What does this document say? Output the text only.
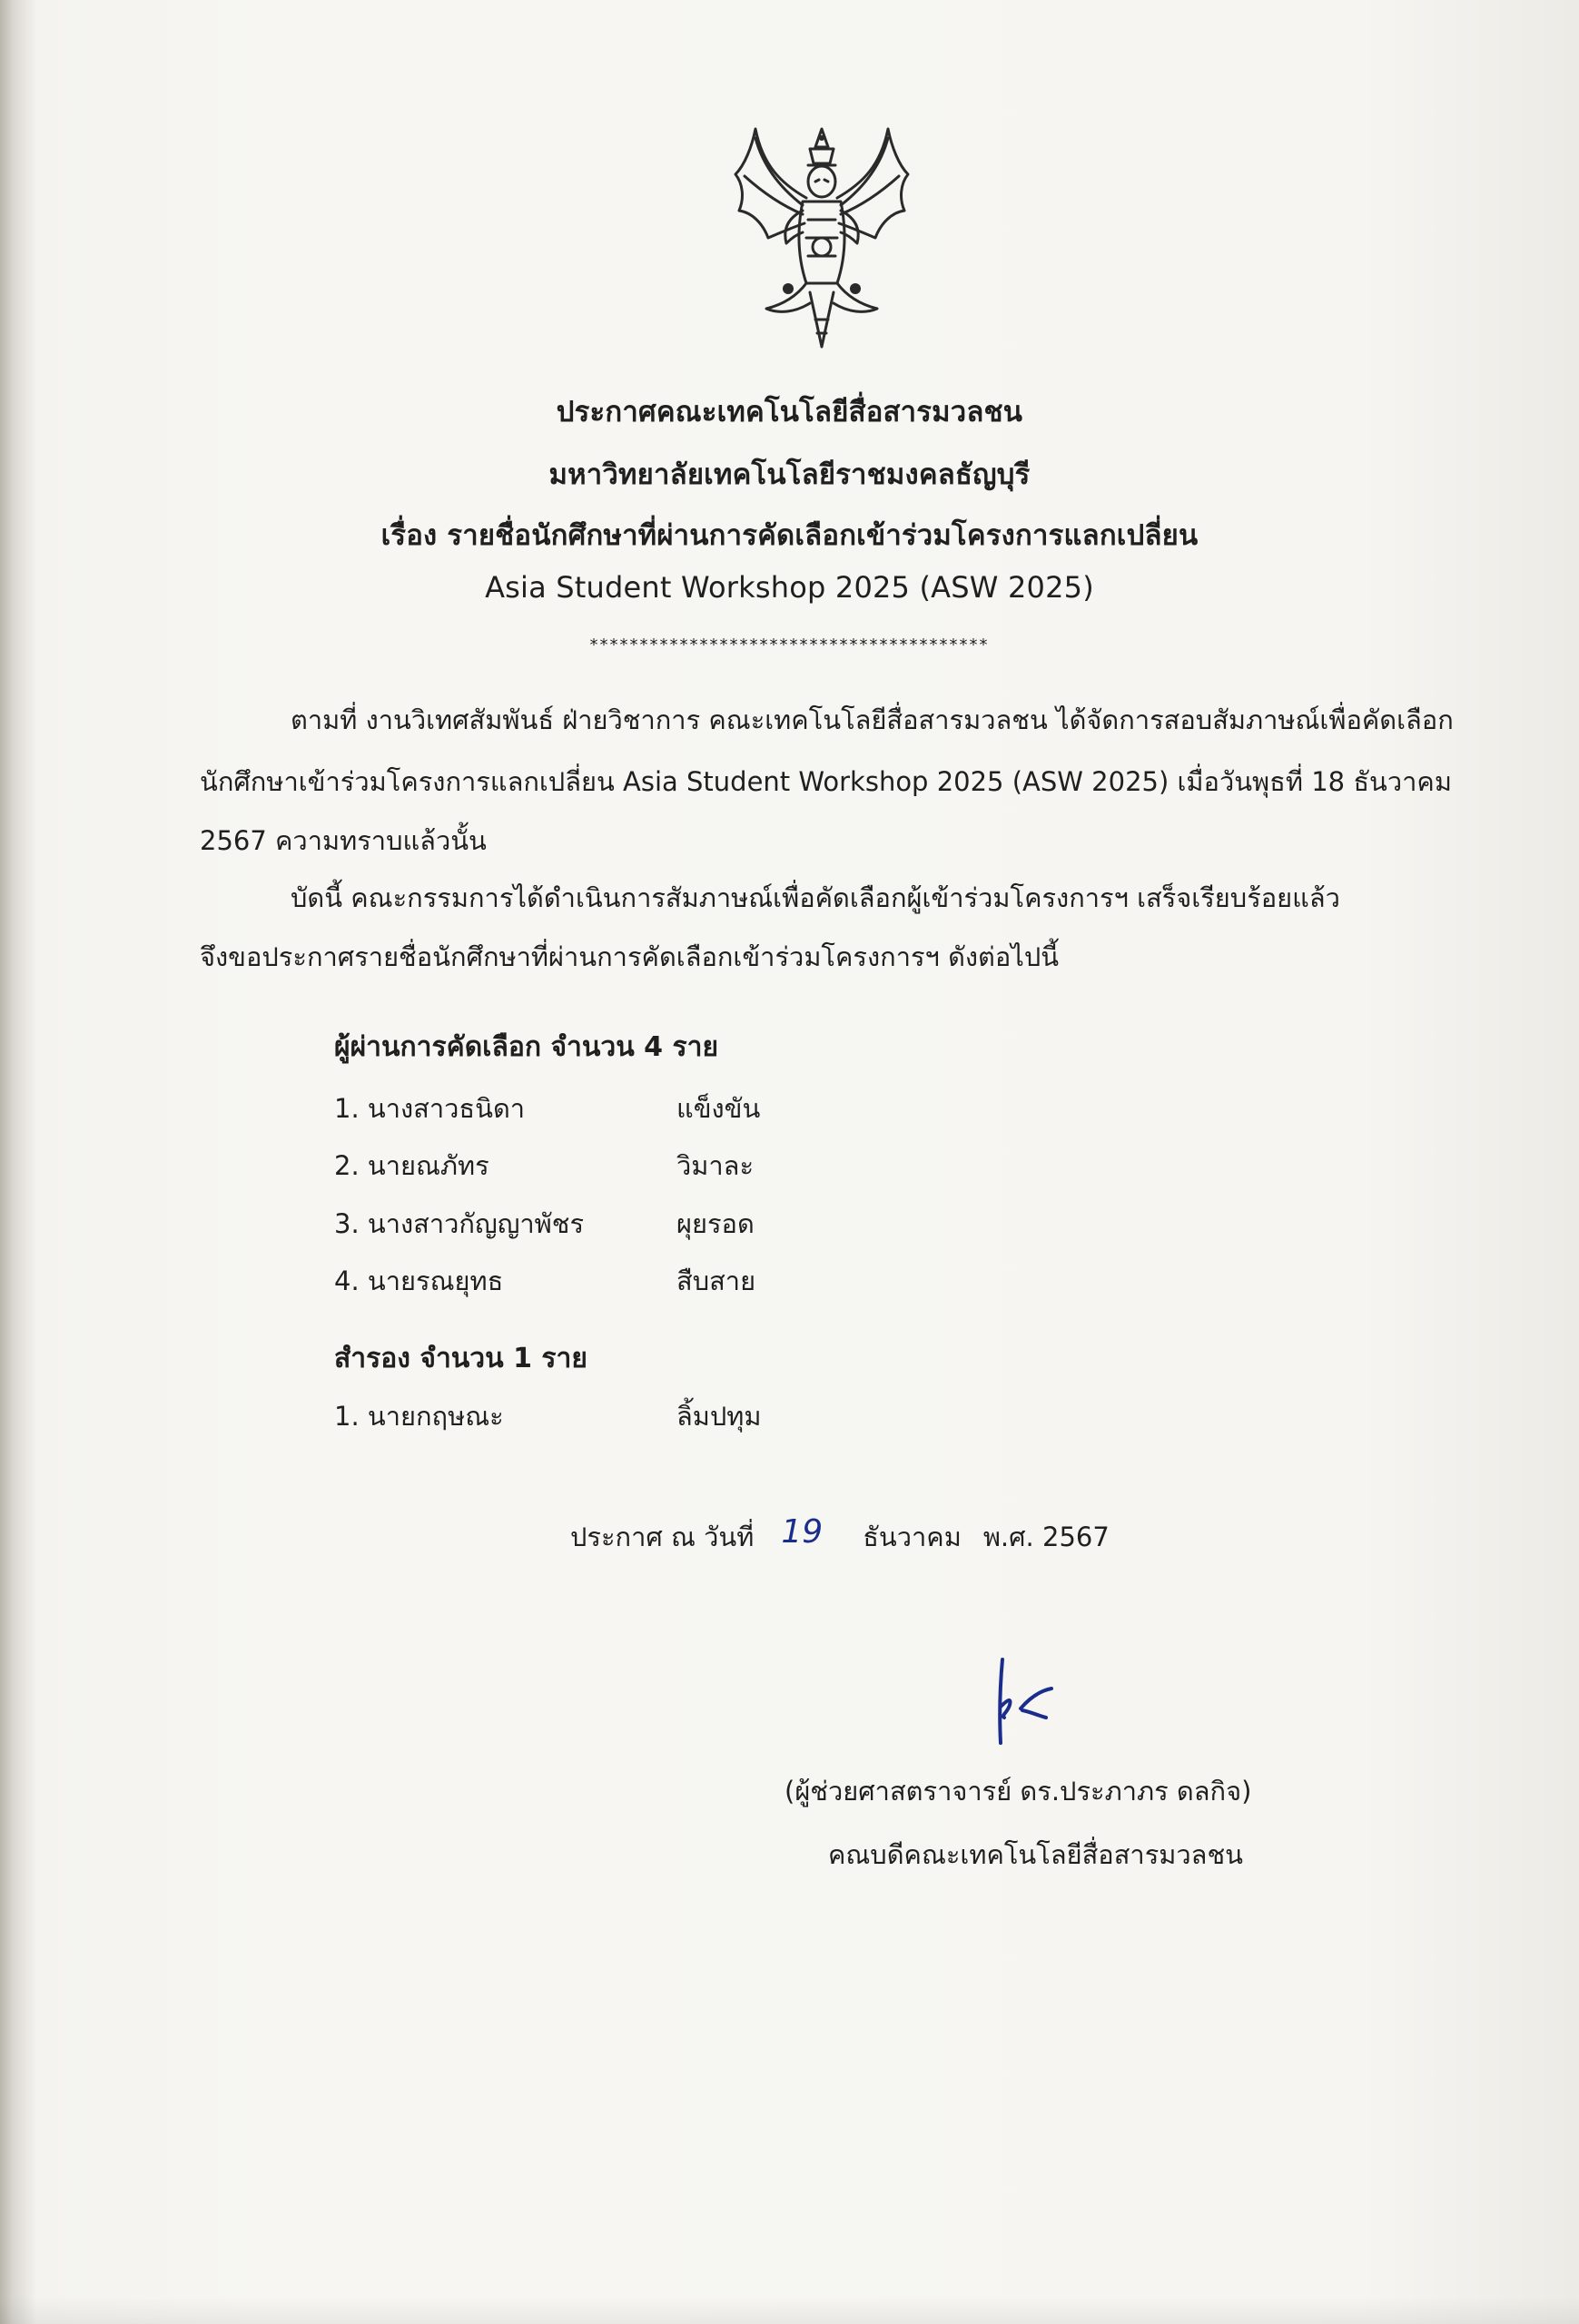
ประกาศคณะเทคโนโลยีสื่อสารมวลชน
มหาวิทยาลัยเทคโนโลยีราชมงคลธัญบุรี
เรื่อง รายชื่อนักศึกษาที่ผ่านการคัดเลือกเข้าร่วมโครงการแลกเปลี่ยน
Asia Student Workshop 2025 (ASW 2025)
****************************************
ตามที่ งานวิเทศสัมพันธ์ ฝ่ายวิชาการ คณะเทคโนโลยีสื่อสารมวลชน ได้จัดการสอบสัมภาษณ์เพื่อคัดเลือก
นักศึกษาเข้าร่วมโครงการแลกเปลี่ยน Asia Student Workshop 2025 (ASW 2025) เมื่อวันพุธที่ 18 ธันวาคม
2567 ความทราบแล้วนั้น
บัดนี้ คณะกรรมการได้ดำเนินการสัมภาษณ์เพื่อคัดเลือกผู้เข้าร่วมโครงการฯ เสร็จเรียบร้อยแล้ว
จึงขอประกาศรายชื่อนักศึกษาที่ผ่านการคัดเลือกเข้าร่วมโครงการฯ ดังต่อไปนี้
ผู้ผ่านการคัดเลือก จำนวน 4 ราย
1. นางสาวธนิดา	แข็งขัน
2. นายณภัทร	วิมาละ
3. นางสาวกัญญาพัชร	ผุยรอด
4. นายรณยุทธ	สืบสาย
สำรอง จำนวน 1 ราย
1. นายกฤษณะ	ลิ้มปทุม
ประกาศ ณ วันที่ 19 ธันวาคม พ.ศ. 2567
(ผู้ช่วยศาสตราจารย์ ดร.ประภาภร ดลกิจ)
คณบดีคณะเทคโนโลยีสื่อสารมวลชน
